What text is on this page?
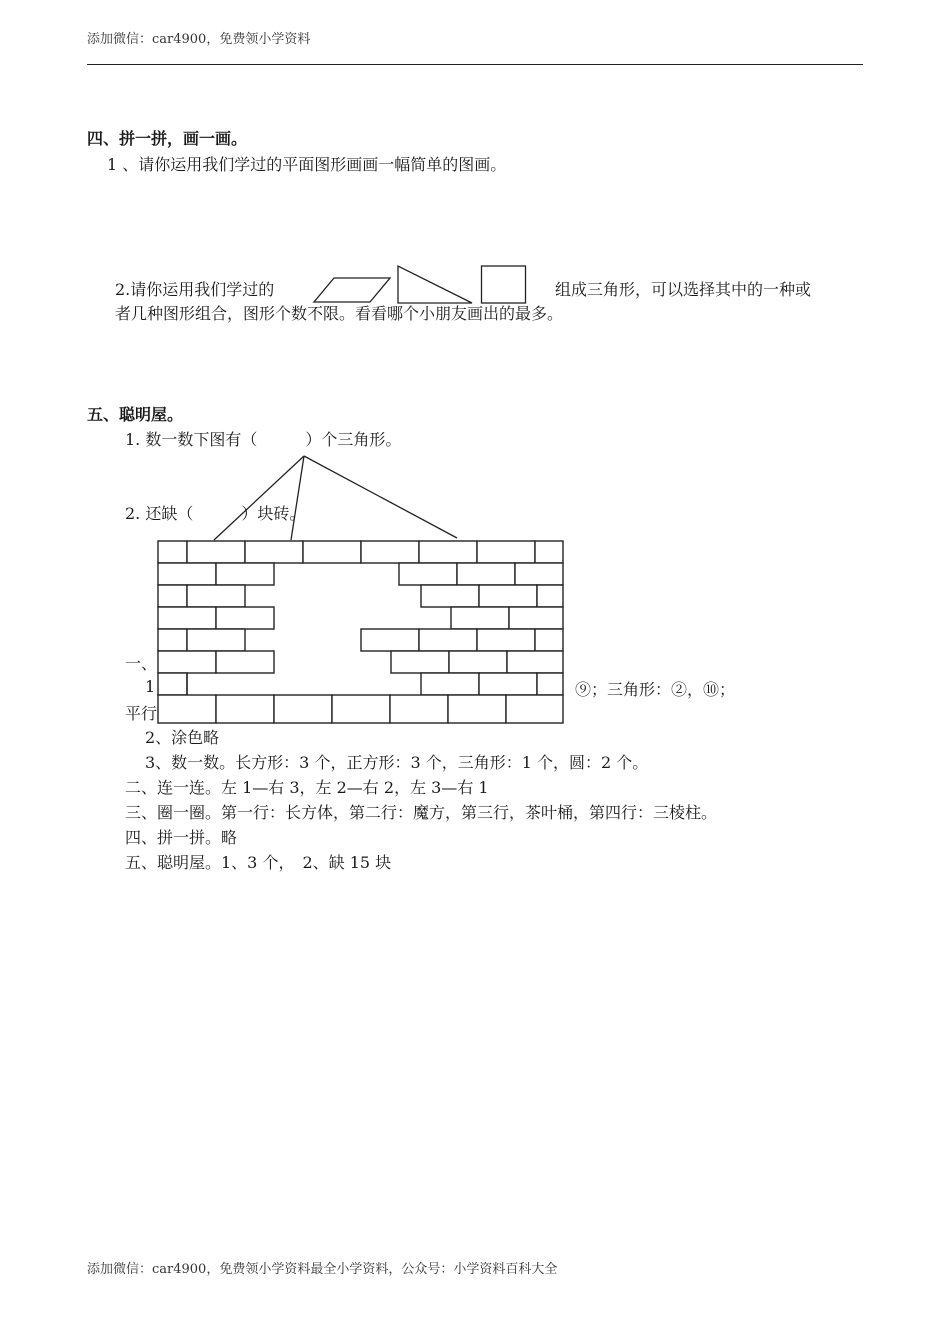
添加微信：car4900，免费领小学资料
四、拼一拼，画一画。
1 、请你运用我们学过的平面图形画画一幅简单的图画。
2.请你运用我们学过的	组成三角形，可以选择其中的一种或
者几种图形组合，图形个数不限。看看哪个小朋友画出的最多。
五、聪明屋。
1. 数一数下图有（　　　）个三角形。
2. 还缺（　　　）块砖。
一、
1	⑨；三角形：②，⑩；
平行
2、涂色略
3、数一数。长方形：3 个，正方形：3 个，三角形：1 个，圆：2 个。
二、连一连。左 1—右 3，左 2—右 2，左 3—右 1
三、圈一圈。第一行：长方体，第二行：魔方，第三行，茶叶桶，第四行：三棱柱。
四、拼一拼。略
五、聪明屋。1、3 个，　2、缺 15 块
添加微信：car4900，免费领小学资料最全小学资料，公众号：小学资料百科大全
